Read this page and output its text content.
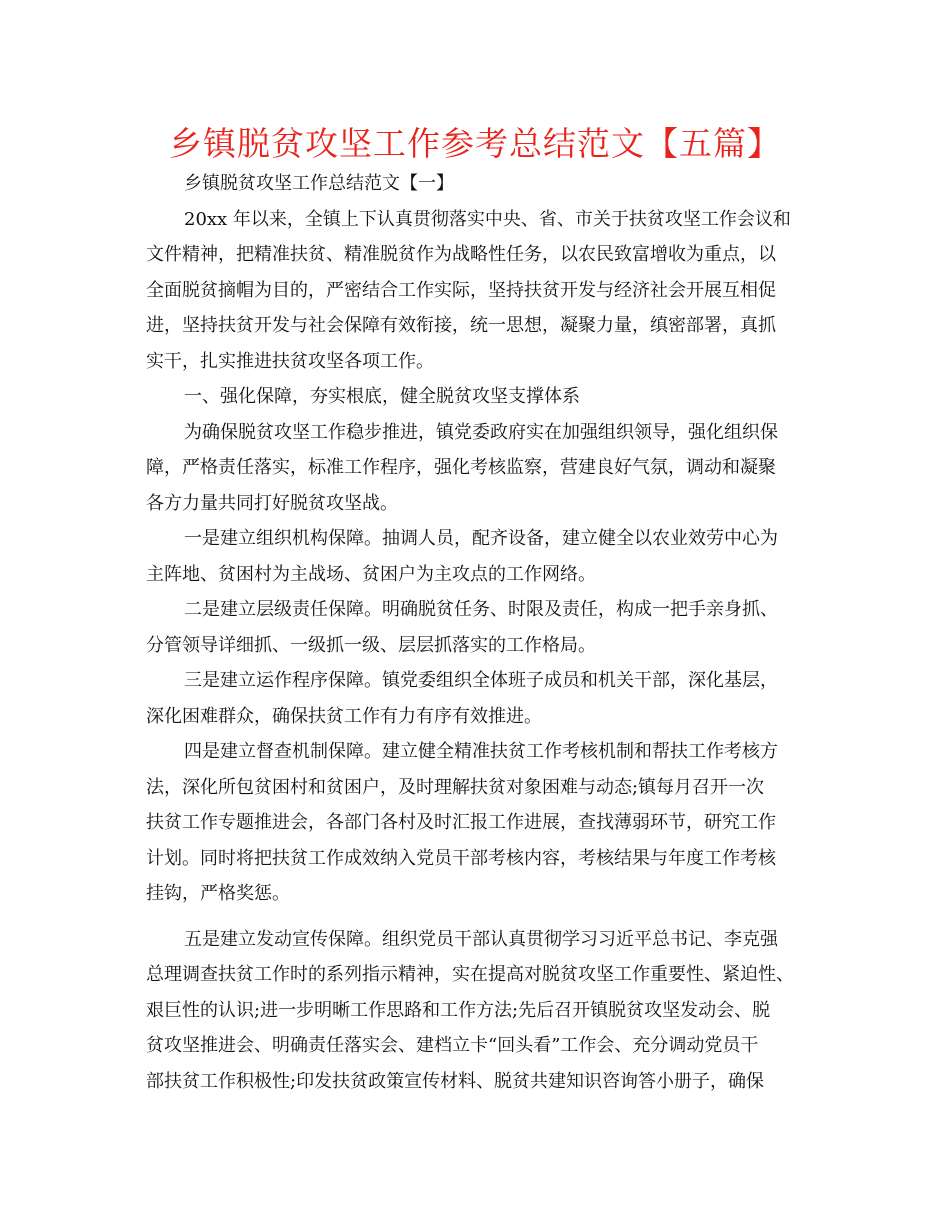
乡镇脱贫攻坚工作参考总结范文【五篇】

乡镇脱贫攻坚工作总结范文【一】

20xx 年以来，全镇上下认真贯彻落实中央、省、市关于扶贫攻坚工作会议和
文件精神，把精准扶贫、精准脱贫作为战略性任务，以农民致富增收为重点，以
全面脱贫摘帽为目的，严密结合工作实际，坚持扶贫开发与经济社会开展互相促
进，坚持扶贫开发与社会保障有效衔接，统一思想，凝聚力量，缜密部署，真抓
实干，扎实推进扶贫攻坚各项工作。

一、强化保障，夯实根底，健全脱贫攻坚支撑体系

为确保脱贫攻坚工作稳步推进，镇党委政府实在加强组织领导，强化组织保
障，严格责任落实，标准工作程序，强化考核监察，营建良好气氛，调动和凝聚
各方力量共同打好脱贫攻坚战。

一是建立组织机构保障。抽调人员，配齐设备，建立健全以农业效劳中心为
主阵地、贫困村为主战场、贫困户为主攻点的工作网络。

二是建立层级责任保障。明确脱贫任务、时限及责任，构成一把手亲身抓、
分管领导详细抓、一级抓一级、层层抓落实的工作格局。

三是建立运作程序保障。镇党委组织全体班子成员和机关干部，深化基层，
深化困难群众，确保扶贫工作有力有序有效推进。

四是建立督查机制保障。建立健全精准扶贫工作考核机制和帮扶工作考核方
法，深化所包贫困村和贫困户，及时理解扶贫对象困难与动态;镇每月召开一次
扶贫工作专题推进会，各部门各村及时汇报工作进展，查找薄弱环节，研究工作
计划。同时将把扶贫工作成效纳入党员干部考核内容，考核结果与年度工作考核
挂钩，严格奖惩。

五是建立发动宣传保障。组织党员干部认真贯彻学习习近平总书记、李克强
总理调查扶贫工作时的系列指示精神，实在提高对脱贫攻坚工作重要性、紧迫性、
艰巨性的认识;进一步明晰工作思路和工作方法;先后召开镇脱贫攻坚发动会、脱
贫攻坚推进会、明确责任落实会、建档立卡“回头看”工作会、充分调动党员干
部扶贫工作积极性;印发扶贫政策宣传材料、脱贫共建知识咨询答小册子，确保
